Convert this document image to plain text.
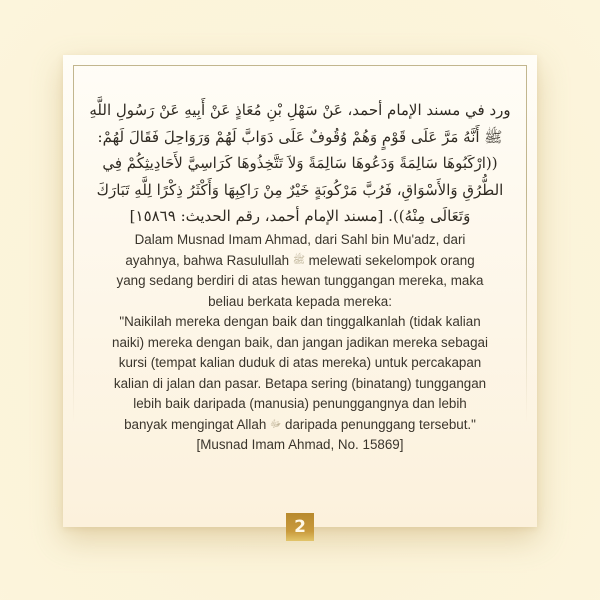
ورد في مسند الإمام أحمد، عَنْ سَهْلِ بْنِ مُعَاذٍ عَنْ أَبِيهِ عَنْ رَسُولِ اللَّهِ
ﷺ أَنَّهُ مَرَّ عَلَى قَوْمٍ وَهُمْ وُقُوفٌ عَلَى دَوَابَّ لَهُمْ وَرَوَاحِلَ فَقَالَ لَهُمْ:
((ارْكَبُوهَا سَالِمَةً وَدَعُوهَا سَالِمَةً وَلاَ تَتَّخِذُوهَا كَرَاسِيَّ لأَحَادِيثِكُمْ فِي
الطُّرُقِ وَالأَسْوَاقِ، فَرُبَّ مَرْكُوبَةٍ خَيْرٌ مِنْ رَاكِبِهَا وَأَكْثَرُ ذِكْرًا لِلَّهِ تَبَارَكَ
وَتَعَالَى مِنْهُ)). [مسند الإمام أحمد، رقم الحديث: ١٥٨٦٩]
Dalam Musnad Imam Ahmad, dari Sahl bin Mu'adz, dari
ayahnya, bahwa Rasulullah ﷺ melewati sekelompok orang
yang sedang berdiri di atas hewan tunggangan mereka, maka
beliau berkata kepada mereka:
"Naikilah mereka dengan baik dan tinggalkanlah (tidak kalian
naiki) mereka dengan baik, dan jangan jadikan mereka sebagai
kursi (tempat kalian duduk di atas mereka) untuk percakapan
kalian di jalan dan pasar. Betapa sering (binatang) tunggangan
lebih baik daripada (manusia) penunggangnya dan lebih
banyak mengingat Allah ﷻ daripada penunggang tersebut."
[Musnad Imam Ahmad, No. 15869]
2
